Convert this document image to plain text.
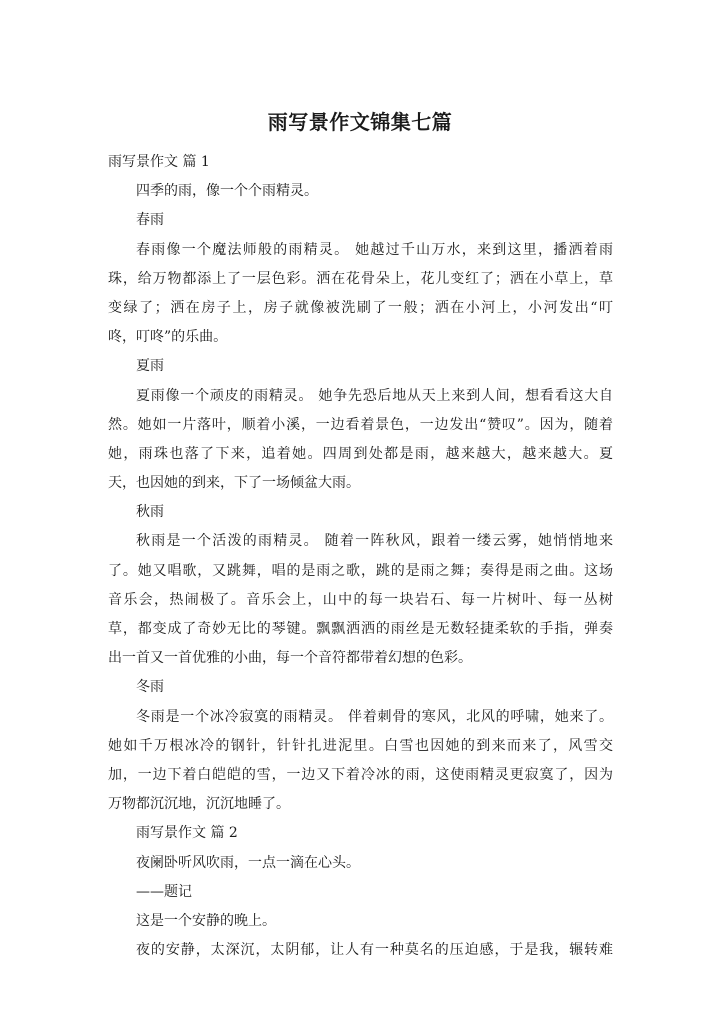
雨写景作文锦集七篇
雨写景作文 篇 1
四季的雨，像一个个雨精灵。
春雨
春雨像一个魔法师般的雨精灵。 她越过千山万水，来到这里，播洒着雨
珠，给万物都添上了一层色彩。洒在花骨朵上，花儿变红了；洒在小草上，草
变绿了；洒在房子上，房子就像被洗刷了一般；洒在小河上，小河发出“叮
咚，叮咚”的乐曲。
夏雨
夏雨像一个顽皮的雨精灵。 她争先恐后地从天上来到人间，想看看这大自
然。她如一片落叶，顺着小溪，一边看着景色，一边发出“赞叹”。因为，随着
她，雨珠也落了下来，追着她。四周到处都是雨，越来越大，越来越大。夏
天，也因她的到来，下了一场倾盆大雨。
秋雨
秋雨是一个活泼的雨精灵。 随着一阵秋风，跟着一缕云雾，她悄悄地来
了。她又唱歌，又跳舞，唱的是雨之歌，跳的是雨之舞；奏得是雨之曲。这场
音乐会，热闹极了。音乐会上，山中的每一块岩石、每一片树叶、每一丛树
草，都变成了奇妙无比的琴键。飘飘洒洒的雨丝是无数轻捷柔软的手指，弹奏
出一首又一首优雅的小曲，每一个音符都带着幻想的色彩。
冬雨
冬雨是一个冰冷寂寞的雨精灵。 伴着刺骨的寒风，北风的呼啸，她来了。
她如千万根冰冷的钢针，针针扎进泥里。白雪也因她的到来而来了，风雪交
加，一边下着白皑皑的雪，一边又下着冷冰的雨，这使雨精灵更寂寞了，因为
万物都沉沉地，沉沉地睡了。
雨写景作文 篇 2
夜阑卧听风吹雨，一点一滴在心头。
——题记
这是一个安静的晚上。
夜的安静，太深沉，太阴郁，让人有一种莫名的压迫感，于是我，辗转难
